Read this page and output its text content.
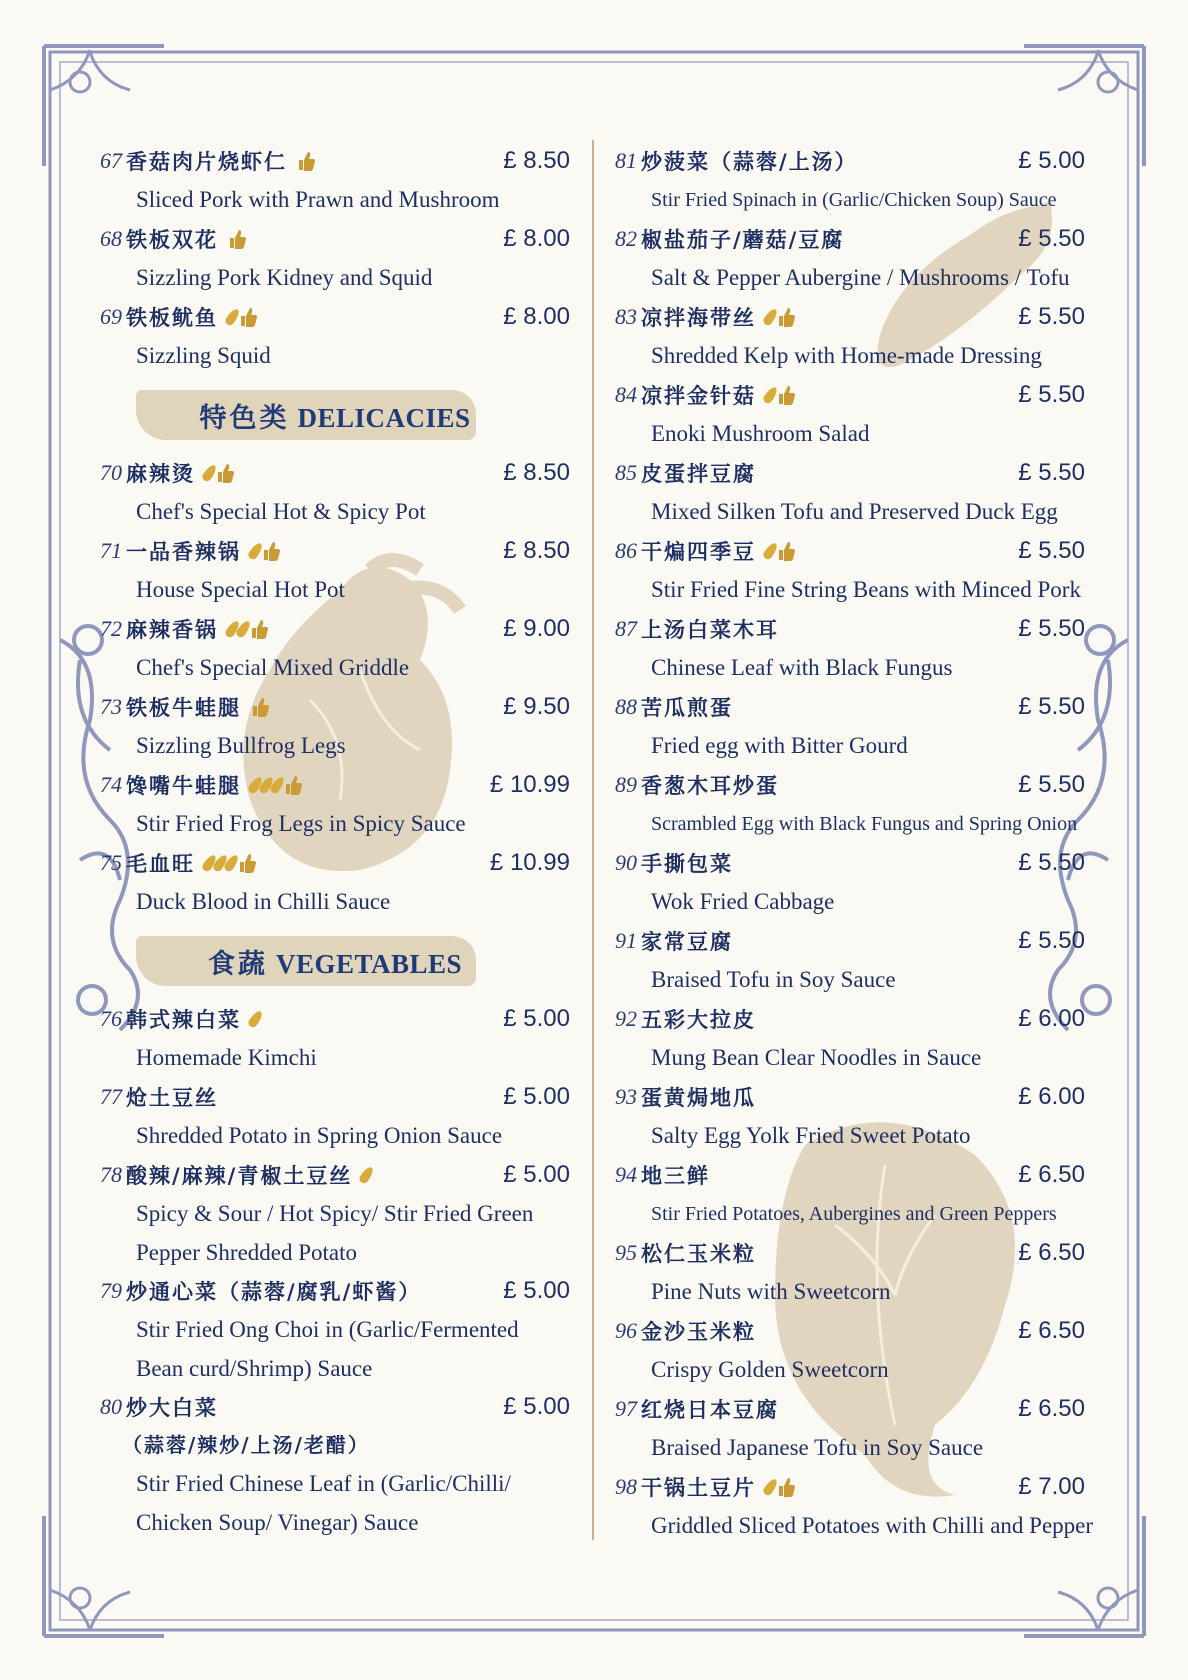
67 香菇肉片烧虾仁	£ 8.50
Sliced Pork with Prawn and Mushroom
68 铁板双花	£ 8.00
Sizzling Pork Kidney and Squid
69 铁板鱿鱼	£ 8.00
Sizzling Squid
特色类 DELICACIES
70 麻辣烫	£ 8.50
Chef's Special Hot & Spicy Pot
71 一品香辣锅	£ 8.50
House Special Hot Pot
72 麻辣香锅	£ 9.00
Chef's Special Mixed Griddle
73 铁板牛蛙腿	£ 9.50
Sizzling Bullfrog Legs
74 馋嘴牛蛙腿	£ 10.99
Stir Fried Frog Legs in Spicy Sauce
75 毛血旺	£ 10.99
Duck Blood in Chilli Sauce
食蔬 VEGETABLES
76 韩式辣白菜	£ 5.00
Homemade Kimchi
77 炝土豆丝	£ 5.00
Shredded Potato in Spring Onion Sauce
78 酸辣/麻辣/青椒土豆丝	£ 5.00
Spicy & Sour / Hot Spicy/ Stir Fried Green
Pepper Shredded Potato
79 炒通心菜（蒜蓉/腐乳/虾酱）	£ 5.00
Stir Fried Ong Choi in (Garlic/Fermented
Bean curd/Shrimp) Sauce
80 炒大白菜	£ 5.00
（蒜蓉/辣炒/上汤/老醋）
Stir Fried Chinese Leaf in (Garlic/Chilli/
Chicken Soup/ Vinegar) Sauce
81 炒菠菜（蒜蓉/上汤）	£ 5.00
Stir Fried Spinach in (Garlic/Chicken Soup) Sauce
82 椒盐茄子/蘑菇/豆腐	£ 5.50
Salt & Pepper Aubergine / Mushrooms / Tofu
83 凉拌海带丝	£ 5.50
Shredded Kelp with Home-made Dressing
84 凉拌金针菇	£ 5.50
Enoki Mushroom Salad
85 皮蛋拌豆腐	£ 5.50
Mixed Silken Tofu and Preserved Duck Egg
86 干煸四季豆	£ 5.50
Stir Fried Fine String Beans with Minced Pork
87 上汤白菜木耳	£ 5.50
Chinese Leaf with Black Fungus
88 苦瓜煎蛋	£ 5.50
Fried egg with Bitter Gourd
89 香葱木耳炒蛋	£ 5.50
Scrambled Egg with Black Fungus and Spring Onion
90 手撕包菜	£ 5.50
Wok Fried Cabbage
91 家常豆腐	£ 5.50
Braised Tofu in Soy Sauce
92 五彩大拉皮	£ 6.00
Mung Bean Clear Noodles in Sauce
93 蛋黄焗地瓜	£ 6.00
Salty Egg Yolk Fried Sweet Potato
94 地三鲜	£ 6.50
Stir Fried Potatoes, Aubergines and Green Peppers
95 松仁玉米粒	£ 6.50
Pine Nuts with Sweetcorn
96 金沙玉米粒	£ 6.50
Crispy Golden Sweetcorn
97 红烧日本豆腐	£ 6.50
Braised Japanese Tofu in Soy Sauce
98 干锅土豆片	£ 7.00
Griddled Sliced Potatoes with Chilli and Pepper
